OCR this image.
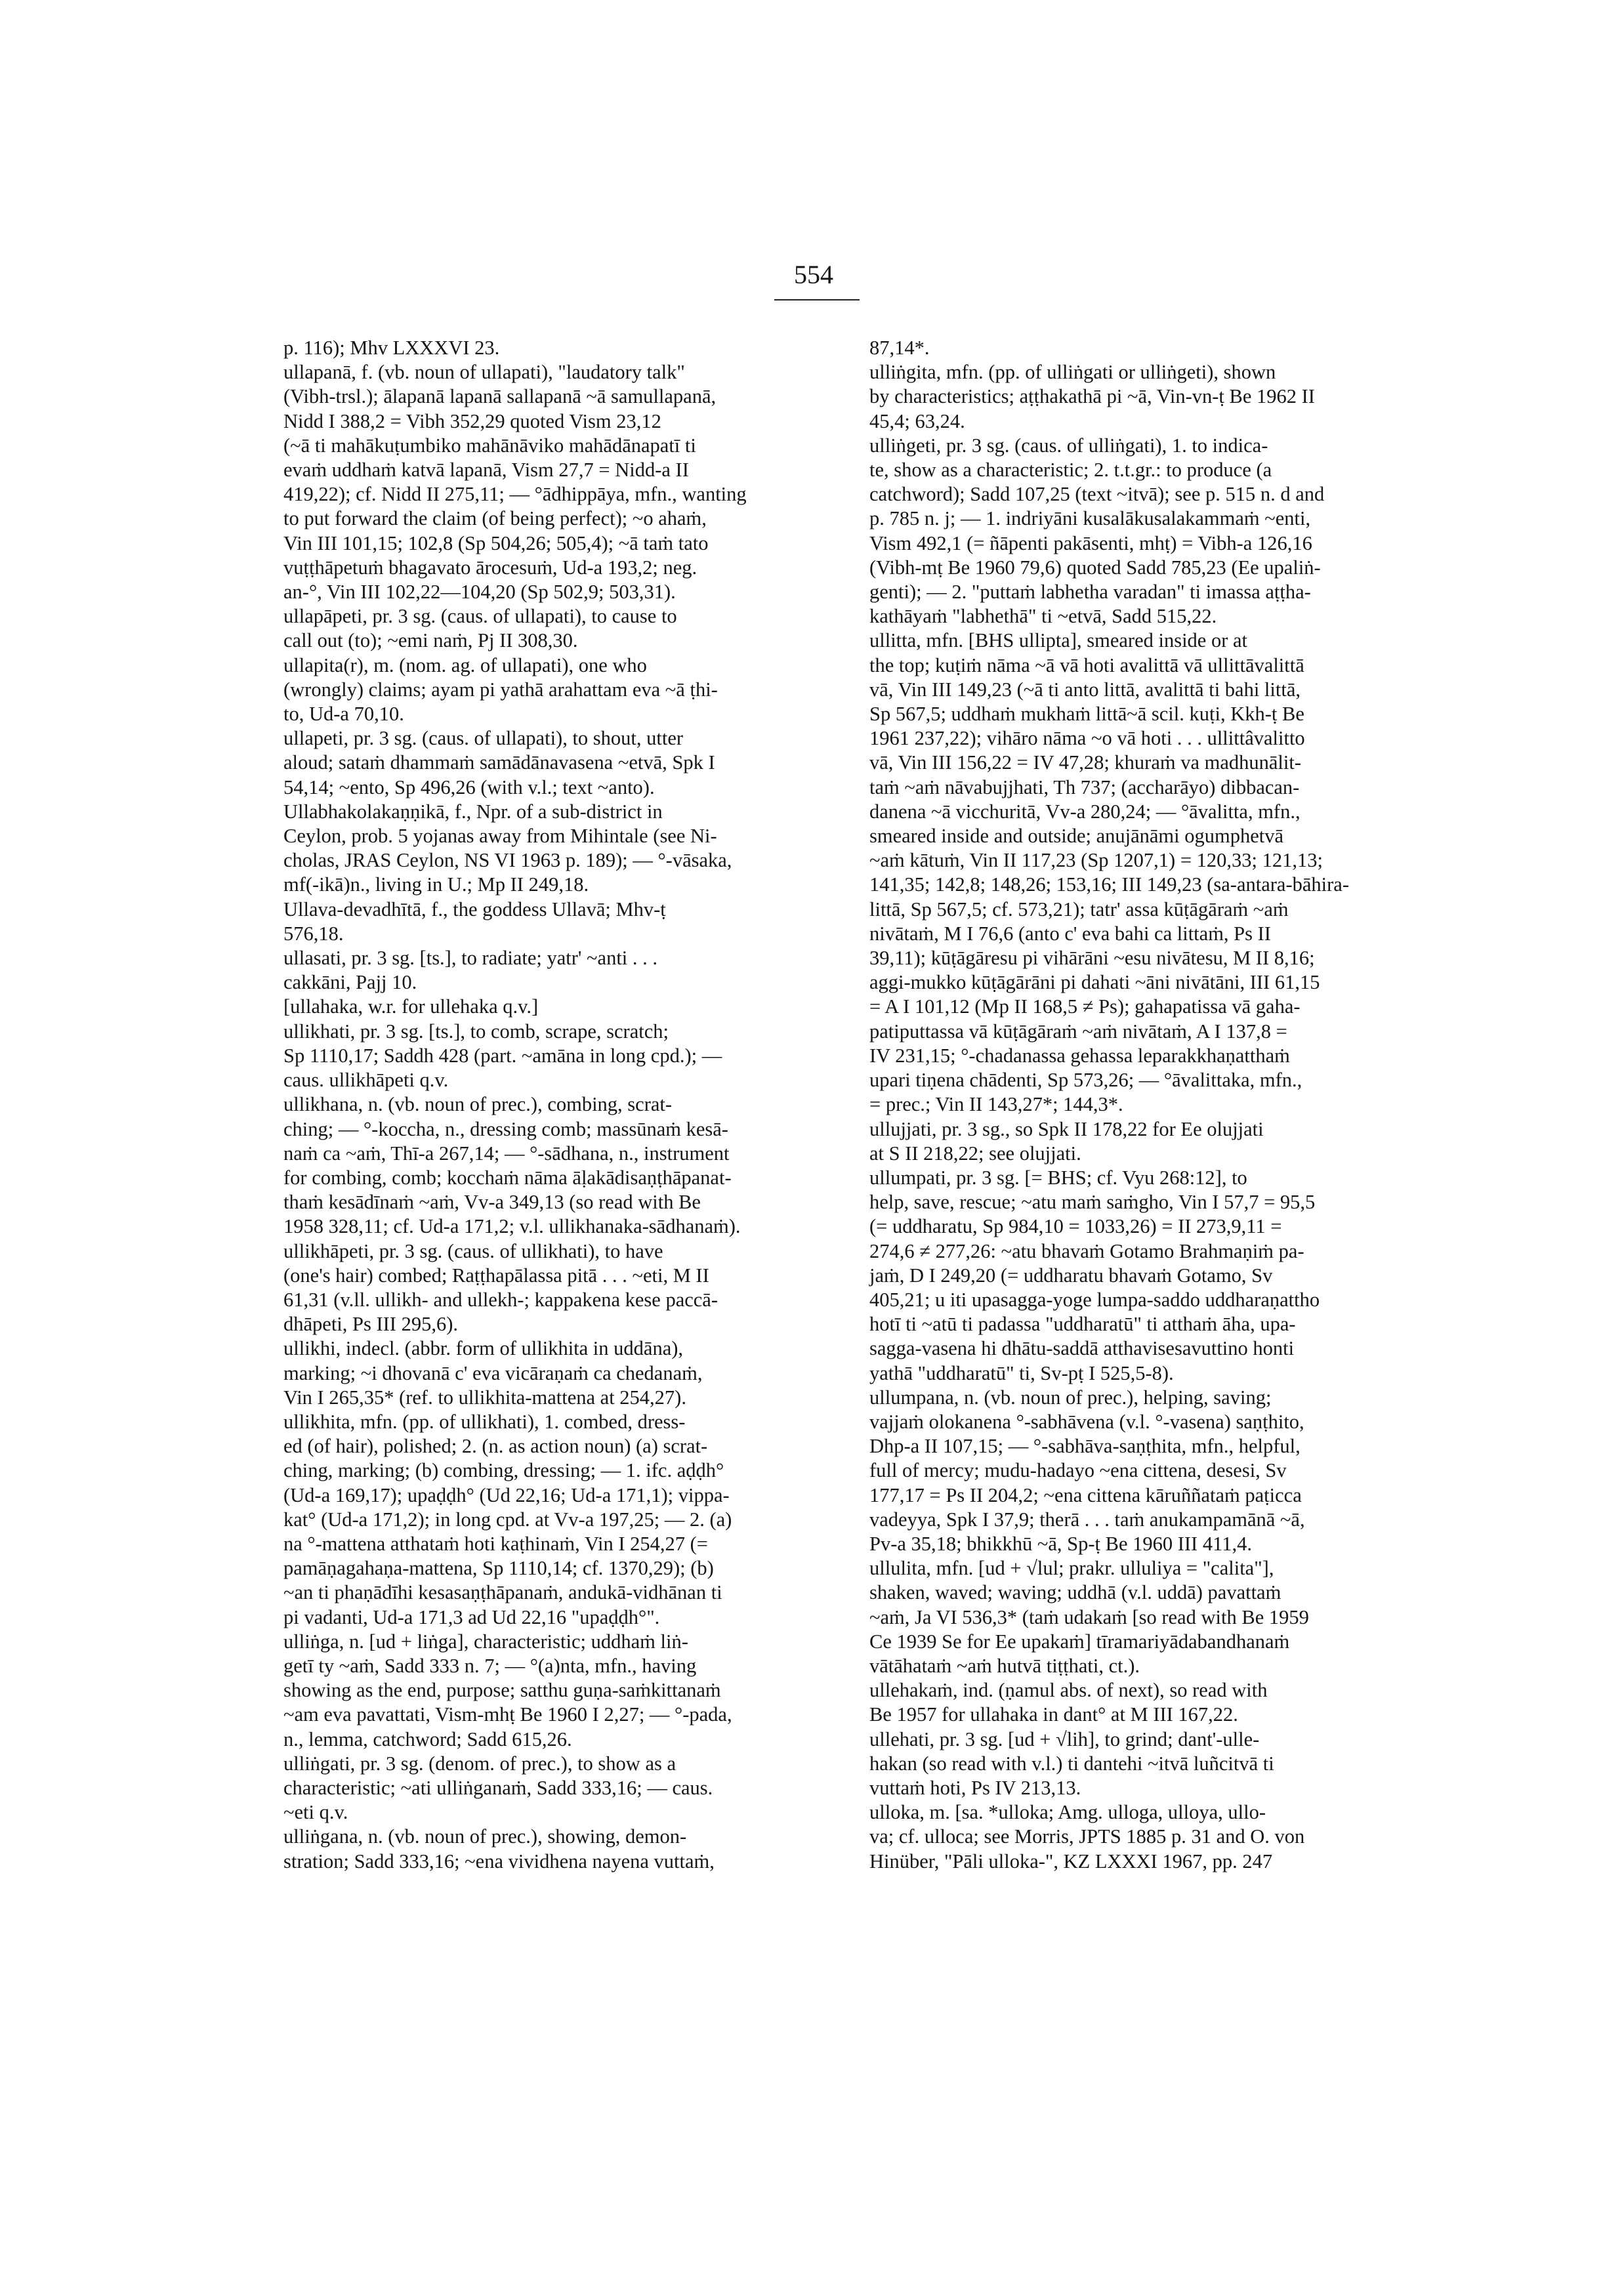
554
p. 116); Mhv LXXXVI 23.
ullapanā, f. (vb. noun of ullapati), "laudatory talk"
(Vibh-trsl.); ālapanā lapanā sallapanā ~ā samullapanā,
Nidd I 388,2 = Vibh 352,29 quoted Vism 23,12
(~ā ti mahākuṭumbiko mahānāviko mahādānapatī ti
evaṁ uddhaṁ katvā lapanā, Vism 27,7 = Nidd-a II
419,22); cf. Nidd II 275,11; — °ādhippāya, mfn., wanting
to put forward the claim (of being perfect); ~o ahaṁ,
Vin III 101,15; 102,8 (Sp 504,26; 505,4); ~ā taṁ tato
vuṭṭhāpetuṁ bhagavato ārocesuṁ, Ud-a 193,2; neg.
an-°, Vin III 102,22—104,20 (Sp 502,9; 503,31).
ullapāpeti, pr. 3 sg. (caus. of ullapati), to cause to
call out (to); ~emi naṁ, Pj II 308,30.
ullapita(r), m. (nom. ag. of ullapati), one who
(wrongly) claims; ayam pi yathā arahattam eva ~ā ṭhi-
to, Ud-a 70,10.
ullapeti, pr. 3 sg. (caus. of ullapati), to shout, utter
aloud; sataṁ dhammaṁ samādānavasena ~etvā, Spk I
54,14; ~ento, Sp 496,26 (with v.l.; text ~anto).
Ullabhakolakaṇṇikā, f., Npr. of a sub-district in
Ceylon, prob. 5 yojanas away from Mihintale (see Ni-
cholas, JRAS Ceylon, NS VI 1963 p. 189); — °-vāsaka,
mf(-ikā)n., living in U.; Mp II 249,18.
Ullava-devadhītā, f., the goddess Ullavā; Mhv-ṭ
576,18.
ullasati, pr. 3 sg. [ts.], to radiate; yatr' ~anti . . .
cakkāni, Pajj 10.
[ullahaka, w.r. for ullehaka q.v.]
ullikhati, pr. 3 sg. [ts.], to comb, scrape, scratch;
Sp 1110,17; Saddh 428 (part. ~amāna in long cpd.); —
caus. ullikhāpeti q.v.
ullikhana, n. (vb. noun of prec.), combing, scrat-
ching; — °-koccha, n., dressing comb; massūnaṁ kesā-
naṁ ca ~aṁ, Thī-a 267,14; — °-sādhana, n., instrument
for combing, comb; kocchaṁ nāma āḷakādisaṇṭhāpanat-
thaṁ kesādīnaṁ ~aṁ, Vv-a 349,13 (so read with Be
1958 328,11; cf. Ud-a 171,2; v.l. ullikhanaka-sādhanaṁ).
ullikhāpeti, pr. 3 sg. (caus. of ullikhati), to have
(one's hair) combed; Raṭṭhapālassa pitā . . . ~eti, M II
61,31 (v.ll. ullikh- and ullekh-; kappakena kese paccā-
dhāpeti, Ps III 295,6).
ullikhi, indecl. (abbr. form of ullikhita in uddāna),
marking; ~i dhovanā c' eva vicāraṇaṁ ca chedanaṁ,
Vin I 265,35* (ref. to ullikhita-mattena at 254,27).
ullikhita, mfn. (pp. of ullikhati), 1. combed, dress-
ed (of hair), polished; 2. (n. as action noun) (a) scrat-
ching, marking; (b) combing, dressing; — 1. ifc. aḍḍh°
(Ud-a 169,17); upaḍḍh° (Ud 22,16; Ud-a 171,1); vippa-
kat° (Ud-a 171,2); in long cpd. at Vv-a 197,25; — 2. (a)
na °-mattena atthataṁ hoti kaṭhinaṁ, Vin I 254,27 (=
pamāṇagahaṇa-mattena, Sp 1110,14; cf. 1370,29); (b)
~an ti phaṇādīhi kesasaṇṭhāpanaṁ, andukā-vidhānan ti
pi vadanti, Ud-a 171,3 ad Ud 22,16 "upaḍḍh°".
ulliṅga, n. [ud + liṅga], characteristic; uddhaṁ liṅ-
getī ty ~aṁ, Sadd 333 n. 7; — °(a)nta, mfn., having
showing as the end, purpose; satthu guṇa-saṁkittanaṁ
~am eva pavattati, Vism-mhṭ Be 1960 I 2,27; — °-pada,
n., lemma, catchword; Sadd 615,26.
ulliṅgati, pr. 3 sg. (denom. of prec.), to show as a
characteristic; ~ati ulliṅganaṁ, Sadd 333,16; — caus.
~eti q.v.
ulliṅgana, n. (vb. noun of prec.), showing, demon-
stration; Sadd 333,16; ~ena vividhena nayena vuttaṁ,
87,14*.
ulliṅgita, mfn. (pp. of ulliṅgati or ulliṅgeti), shown
by characteristics; aṭṭhakathā pi ~ā, Vin-vn-ṭ Be 1962 II
45,4; 63,24.
ulliṅgeti, pr. 3 sg. (caus. of ulliṅgati), 1. to indica-
te, show as a characteristic; 2. t.t.gr.: to produce (a
catchword); Sadd 107,25 (text ~itvā); see p. 515 n. d and
p. 785 n. j; — 1. indriyāni kusalākusalakammaṁ ~enti,
Vism 492,1 (= ñāpenti pakāsenti, mhṭ) = Vibh-a 126,16
(Vibh-mṭ Be 1960 79,6) quoted Sadd 785,23 (Ee upaliṅ-
genti); — 2. "puttaṁ labhetha varadan" ti imassa aṭṭha-
kathāyaṁ "labhethā" ti ~etvā, Sadd 515,22.
ullitta, mfn. [BHS ullipta], smeared inside or at
the top; kuṭiṁ nāma ~ā vā hoti avalittā vā ullittāvalittā
vā, Vin III 149,23 (~ā ti anto littā, avalittā ti bahi littā,
Sp 567,5; uddhaṁ mukhaṁ littā~ā scil. kuṭi, Kkh-ṭ Be
1961 237,22); vihāro nāma ~o vā hoti . . . ullittâvalitto
vā, Vin III 156,22 = IV 47,28; khuraṁ va madhunālit-
taṁ ~aṁ nāvabujjhati, Th 737; (accharāyo) dibbacan-
danena ~ā vicchuritā, Vv-a 280,24; — °āvalitta, mfn.,
smeared inside and outside; anujānāmi ogumphetvā
~aṁ kātuṁ, Vin II 117,23 (Sp 1207,1) = 120,33; 121,13;
141,35; 142,8; 148,26; 153,16; III 149,23 (sa-antara-bāhira-
littā, Sp 567,5; cf. 573,21); tatr' assa kūṭāgāraṁ ~aṁ
nivātaṁ, M I 76,6 (anto c' eva bahi ca littaṁ, Ps II
39,11); kūṭāgāresu pi vihārāni ~esu nivātesu, M II 8,16;
aggi-mukko kūṭāgārāni pi dahati ~āni nivātāni, III 61,15
= A I 101,12 (Mp II 168,5 ≠ Ps); gahapatissa vā gaha-
patiputtassa vā kūṭāgāraṁ ~aṁ nivātaṁ, A I 137,8 =
IV 231,15; °-chadanassa gehassa leparakkhaṇatthaṁ
upari tiṇena chādenti, Sp 573,26; — °āvalittaka, mfn.,
= prec.; Vin II 143,27*; 144,3*.
ullujjati, pr. 3 sg., so Spk II 178,22 for Ee olujjati
at S II 218,22; see olujjati.
ullumpati, pr. 3 sg. [= BHS; cf. Vyu 268:12], to
help, save, rescue; ~atu maṁ saṁgho, Vin I 57,7 = 95,5
(= uddharatu, Sp 984,10 = 1033,26) = II 273,9,11 =
274,6 ≠ 277,26: ~atu bhavaṁ Gotamo Brahmaṇiṁ pa-
jaṁ, D I 249,20 (= uddharatu bhavaṁ Gotamo, Sv
405,21; u iti upasagga-yoge lumpa-saddo uddharaṇattho
hotī ti ~atū ti padassa "uddharatū" ti atthaṁ āha, upa-
sagga-vasena hi dhātu-saddā atthavisesavuttino honti
yathā "uddharatū" ti, Sv-pṭ I 525,5-8).
ullumpana, n. (vb. noun of prec.), helping, saving;
vajjaṁ olokanena °-sabhāvena (v.l. °-vasena) saṇṭhito,
Dhp-a II 107,15; — °-sabhāva-saṇṭhita, mfn., helpful,
full of mercy; mudu-hadayo ~ena cittena, desesi, Sv
177,17 = Ps II 204,2; ~ena cittena kāruññataṁ paṭicca
vadeyya, Spk I 37,9; therā . . . taṁ anukampamānā ~ā,
Pv-a 35,18; bhikkhū ~ā, Sp-ṭ Be 1960 III 411,4.
ullulita, mfn. [ud + √lul; prakr. ulluliya = "calita"],
shaken, waved; waving; uddhā (v.l. uddā) pavattaṁ
~aṁ, Ja VI 536,3* (taṁ udakaṁ [so read with Be 1959
Ce 1939 Se for Ee upakaṁ] tīramariyādabandhanaṁ
vātāhataṁ ~aṁ hutvā tiṭṭhati, ct.).
ullehakaṁ, ind. (ṇamul abs. of next), so read with
Be 1957 for ullahaka in dant° at M III 167,22.
ullehati, pr. 3 sg. [ud + √lih], to grind; dant'-ulle-
hakan (so read with v.l.) ti dantehi ~itvā luñcitvā ti
vuttaṁ hoti, Ps IV 213,13.
ulloka, m. [sa. *ulloka; Amg. ulloga, ulloya, ullo-
va; cf. ulloca; see Morris, JPTS 1885 p. 31 and O. von
Hinüber, "Pāli ulloka-", KZ LXXXI 1967, pp. 247
